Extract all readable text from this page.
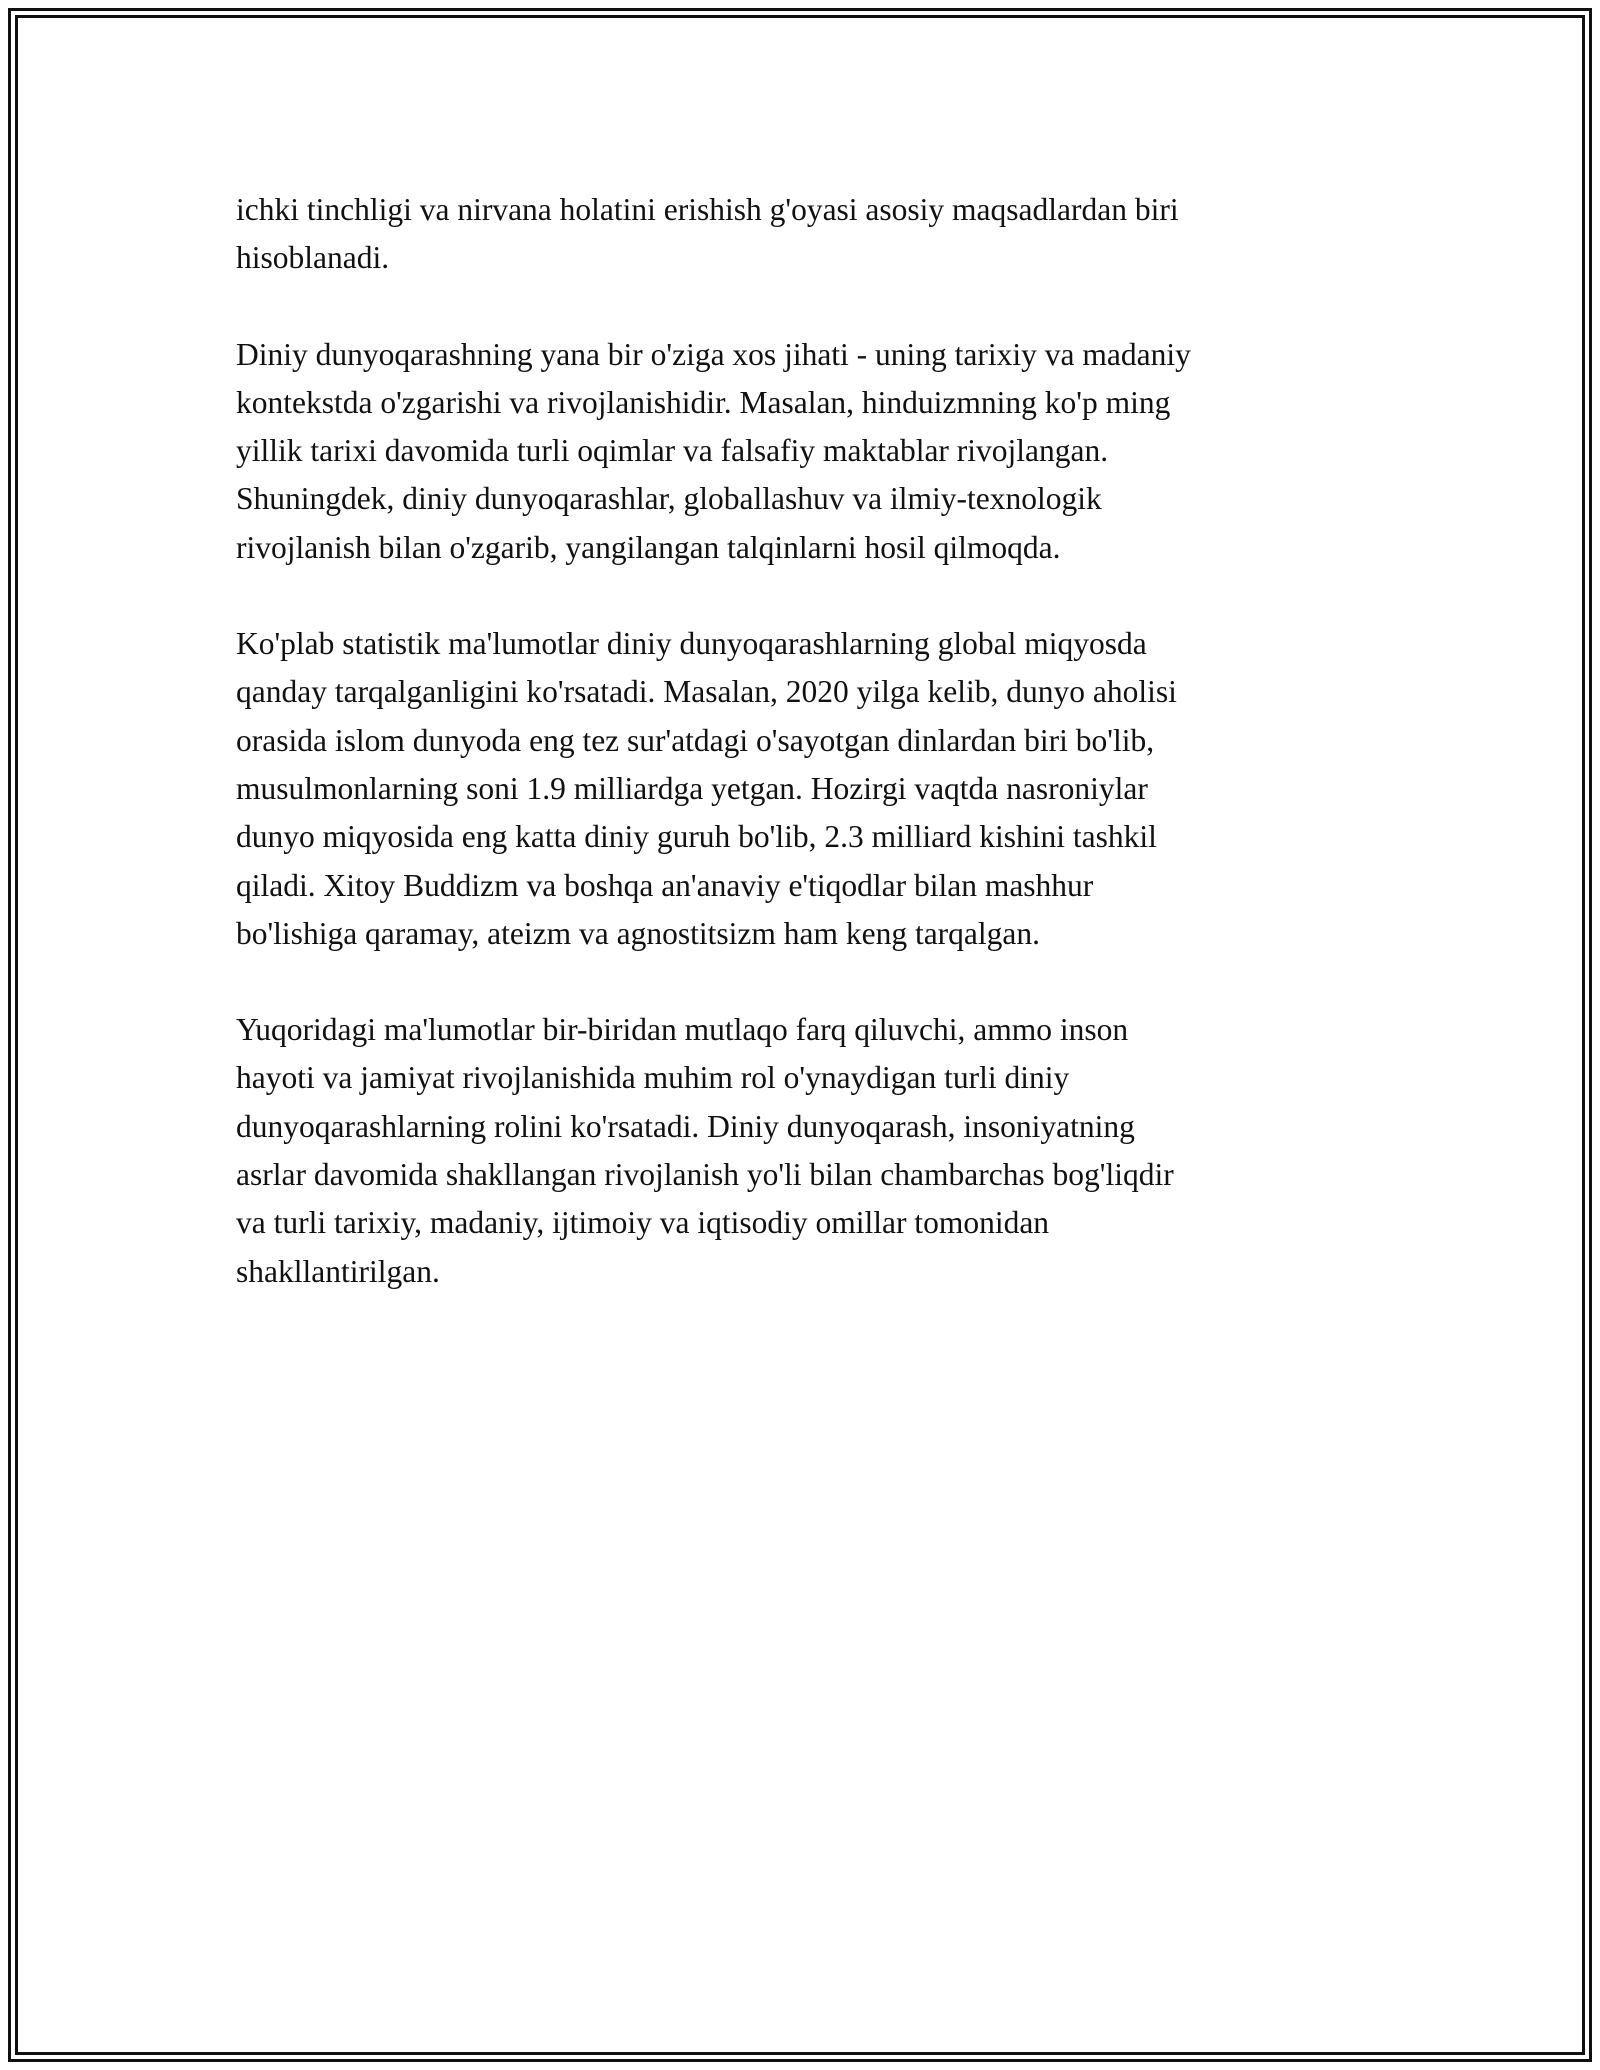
ichki tinchligi va nirvana holatini erishish g'oyasi asosiy maqsadlardan biri
hisoblanadi.
Diniy dunyoqarashning yana bir o'ziga xos jihati - uning tarixiy va madaniy
kontekstda o'zgarishi va rivojlanishidir. Masalan, hinduizmning ko'p ming
yillik tarixi davomida turli oqimlar va falsafiy maktablar rivojlangan.
Shuningdek, diniy dunyoqarashlar, globallashuv va ilmiy-texnologik
rivojlanish bilan o'zgarib, yangilangan talqinlarni hosil qilmoqda.
Ko'plab statistik ma'lumotlar diniy dunyoqarashlarning global miqyosda
qanday tarqalganligini ko'rsatadi. Masalan, 2020 yilga kelib, dunyo aholisi
orasida islom dunyoda eng tez sur'atdagi o'sayotgan dinlardan biri bo'lib,
musulmonlarning soni 1.9 milliardga yetgan. Hozirgi vaqtda nasroniylar
dunyo miqyosida eng katta diniy guruh bo'lib, 2.3 milliard kishini tashkil
qiladi. Xitoy Buddizm va boshqa an'anaviy e'tiqodlar bilan mashhur
bo'lishiga qaramay, ateizm va agnostitsizm ham keng tarqalgan.
Yuqoridagi ma'lumotlar bir-biridan mutlaqo farq qiluvchi, ammo inson
hayoti va jamiyat rivojlanishida muhim rol o'ynaydigan turli diniy
dunyoqarashlarning rolini ko'rsatadi. Diniy dunyoqarash, insoniyatning
asrlar davomida shakllangan rivojlanish yo'li bilan chambarchas bog'liqdir
va turli tarixiy, madaniy, ijtimoiy va iqtisodiy omillar tomonidan
shakllantirilgan.
